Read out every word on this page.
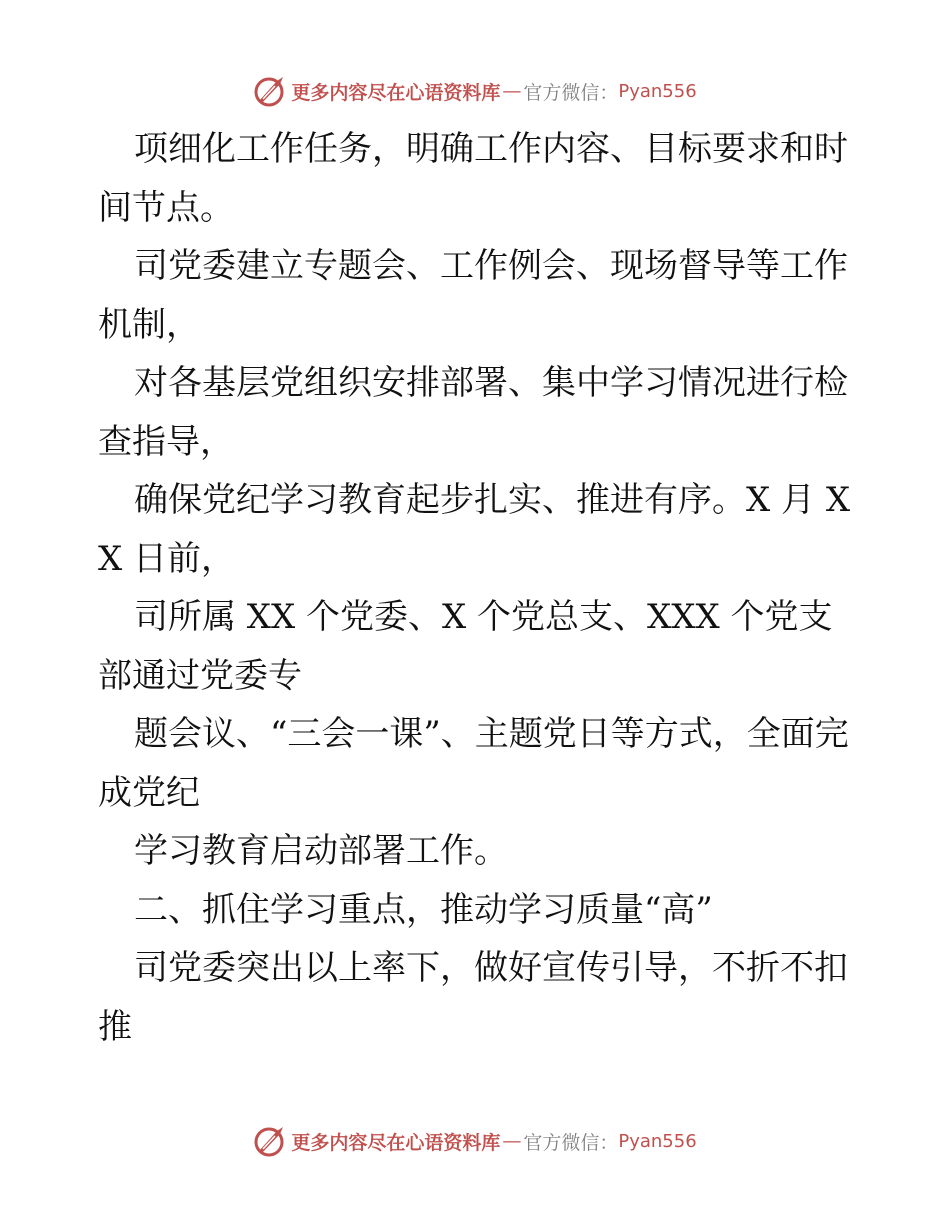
更多内容尽在心语资料库 — 官方微信： Pyan556

项细化工作任务，明确工作内容、目标要求和时间节点。

司党委建立专题会、工作例会、现场督导等工作机制，

对各基层党组织安排部署、集中学习情况进行检查指导，

确保党纪学习教育起步扎实、推进有序。X 月 XX 日前，

司所属 XX 个党委、X 个党总支、XXX 个党支部通过党委专

题会议、“三会一课”、主题党日等方式，全面完成党纪

学习教育启动部署工作。

二、抓住学习重点，推动学习质量“高”

司党委突出以上率下，做好宣传引导，不折不扣推

更多内容尽在心语资料库 — 官方微信： Pyan556
